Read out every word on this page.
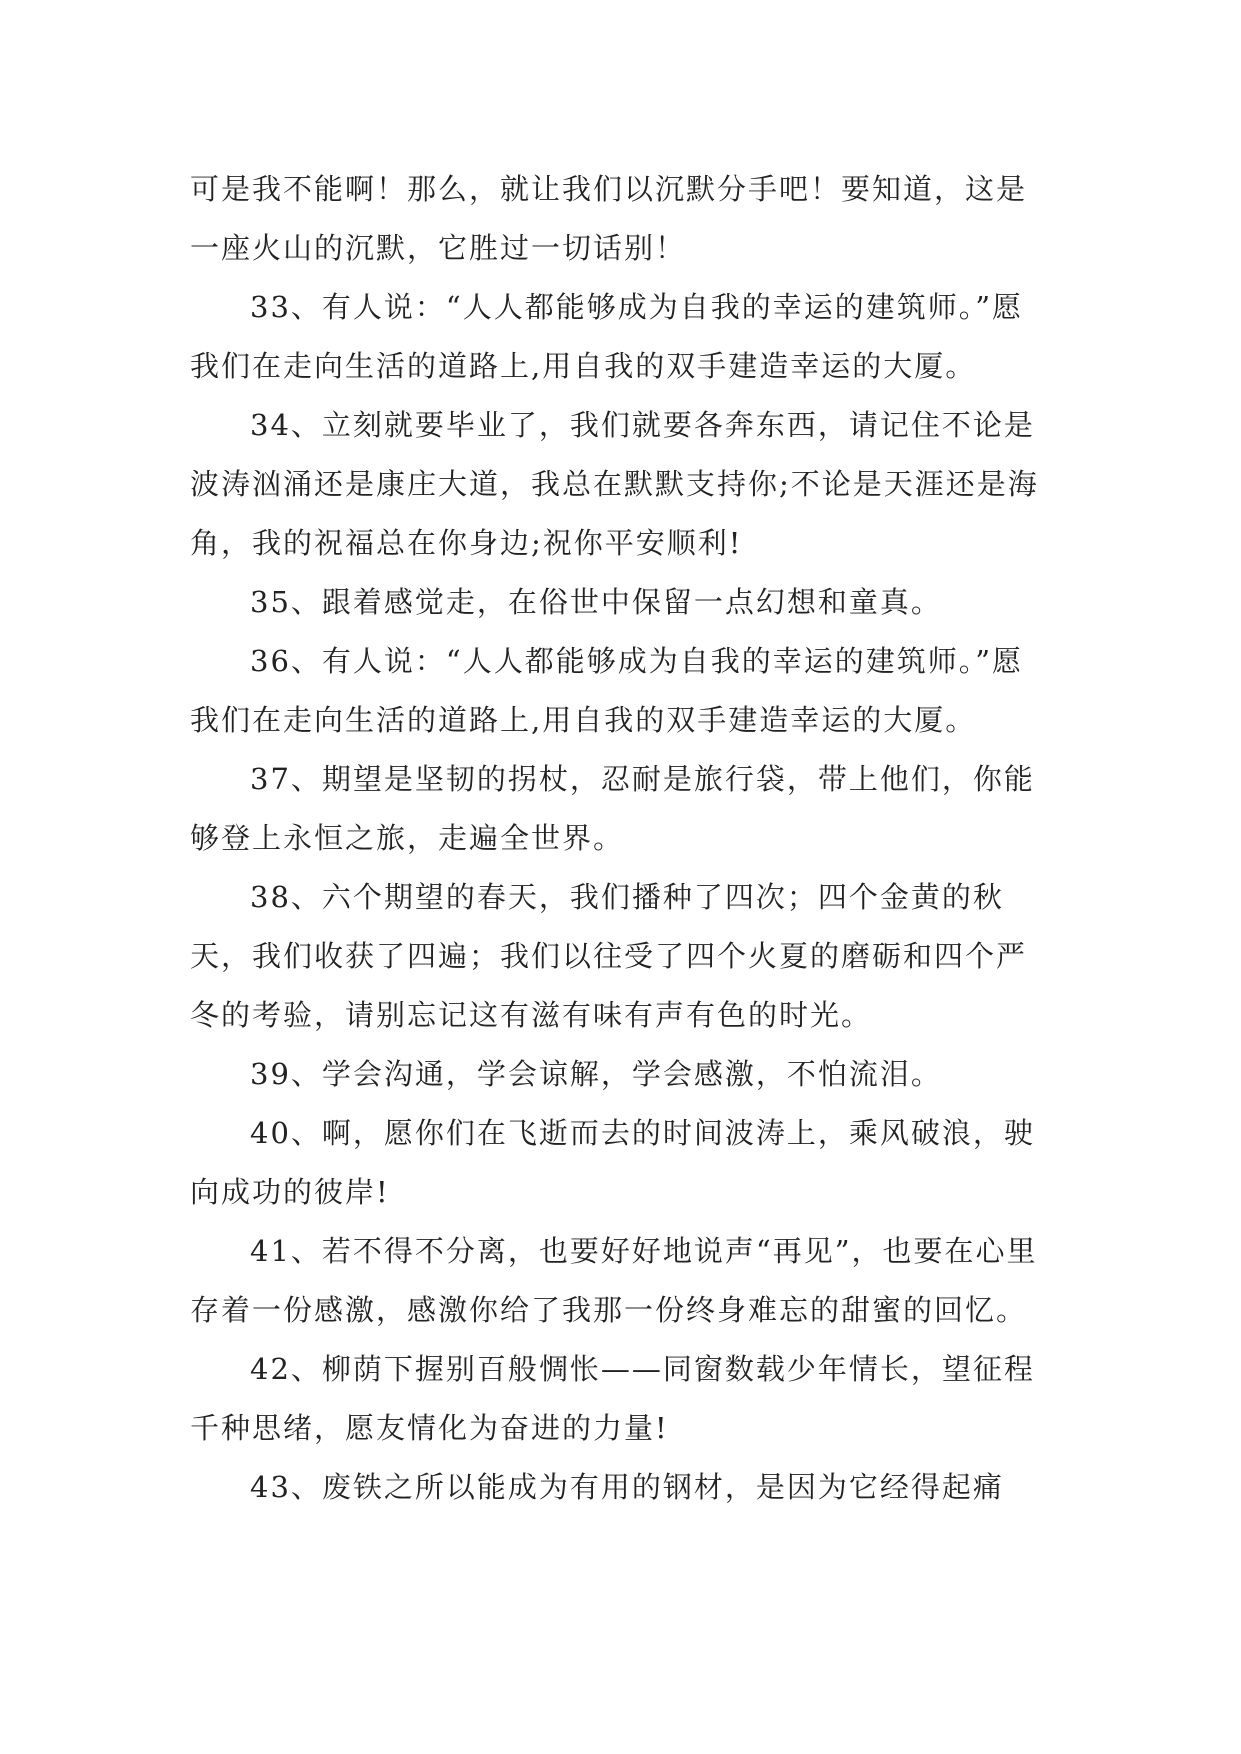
可是我不能啊！那么，就让我们以沉默分手吧！要知道，这是一座火山的沉默，它胜过一切话别！

33、有人说：“人人都能够成为自我的幸运的建筑师。”愿我们在走向生活的道路上,用自我的双手建造幸运的大厦。

34、立刻就要毕业了，我们就要各奔东西，请记住不论是波涛汹涌还是康庄大道，我总在默默支持你;不论是天涯还是海角，我的祝福总在你身边;祝你平安顺利!

35、跟着感觉走，在俗世中保留一点幻想和童真。

36、有人说：“人人都能够成为自我的幸运的建筑师。”愿我们在走向生活的道路上,用自我的双手建造幸运的大厦。

37、期望是坚韧的拐杖，忍耐是旅行袋，带上他们，你能够登上永恒之旅，走遍全世界。

38、六个期望的春天，我们播种了四次；四个金黄的秋天，我们收获了四遍；我们以往受了四个火夏的磨砺和四个严冬的考验，请别忘记这有滋有味有声有色的时光。

39、学会沟通，学会谅解，学会感激，不怕流泪。

40、啊，愿你们在飞逝而去的时间波涛上，乘风破浪，驶向成功的彼岸!

41、若不得不分离，也要好好地说声“再见”，也要在心里存着一份感激，感激你给了我那一份终身难忘的甜蜜的回忆。

42、柳荫下握别百般惆怅——同窗数载少年情长，望征程千种思绪，愿友情化为奋进的力量!

43、废铁之所以能成为有用的钢材，是因为它经得起痛
